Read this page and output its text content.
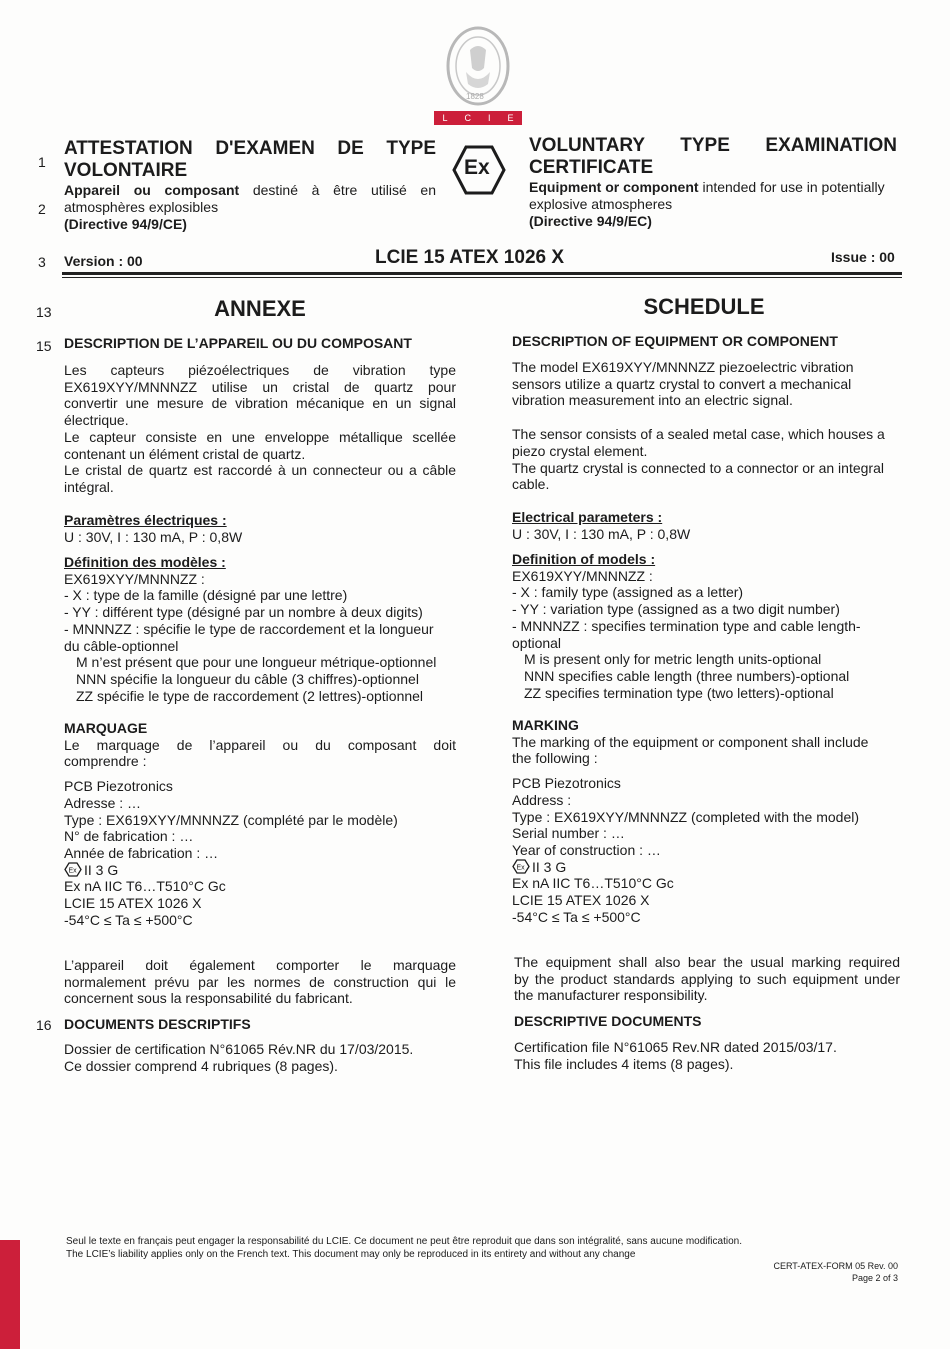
1828
L C I E
1
2
3
13
15
16
ATTESTATION D'EXAMEN DE TYPE
VOLONTAIRE
Appareil ou composant destiné à être utilisé en
atmosphères explosibles
(Directive 94/9/CE)
Ex
VOLUNTARY TYPE EXAMINATION
CERTIFICATE
Equipment or component intended for use in potentially
explosive atmospheres
(Directive 94/9/EC)
Version : 00	LCIE 15 ATEX 1026 X	Issue : 00
ANNEXE	SCHEDULE
DESCRIPTION DE L’APPAREIL OU DU COMPOSANT
Les capteurs piézoélectriques de vibration type
EX619XYY/MNNNZZ utilise un cristal de quartz pour
convertir une mesure de vibration mécanique en un signal
électrique.
Le capteur consiste en une enveloppe métallique scellée
contenant un élément cristal de quartz.
Le cristal de quartz est raccordé à un connecteur ou a câble
intégral.
Paramètres électriques :
U : 30V, I : 130 mA, P : 0,8W
Définition des modèles :
EX619XYY/MNNNZZ :
- X : type de la famille (désigné par une lettre)
- YY : différent type (désigné par un nombre à deux digits)
- MNNNZZ : spécifie le type de raccordement et la longueur
du câble-optionnel
M n’est présent que pour une longueur métrique-optionnel
NNN spécifie la longueur du câble (3 chiffres)-optionnel
ZZ spécifie le type de raccordement (2 lettres)-optionnel
MARQUAGE
Le marquage de l’appareil ou du composant doit
comprendre :
PCB Piezotronics
Adresse : …
Type : EX619XYY/MNNNZZ (complété par le modèle)
N° de fabrication : …
Année de fabrication : …
Ex II 3 G
Ex nA IIC T6…T510°C Gc
LCIE 15 ATEX 1026 X
-54°C ≤ Ta ≤ +500°C
L’appareil doit également comporter le marquage
normalement prévu par les normes de construction qui le
concernent sous la responsabilité du fabricant.
DOCUMENTS DESCRIPTIFS
Dossier de certification N°61065 Rév.NR du 17/03/2015.
Ce dossier comprend 4 rubriques (8 pages).
DESCRIPTION OF EQUIPMENT OR COMPONENT
The model EX619XYY/MNNNZZ piezoelectric vibration
sensors utilize a quartz crystal to convert a mechanical
vibration measurement into an electric signal.
The sensor consists of a sealed metal case, which houses a
piezo crystal element.
The quartz crystal is connected to a connector or an integral
cable.
Electrical parameters :
U : 30V, I : 130 mA, P : 0,8W
Definition of models :
EX619XYY/MNNNZZ :
- X : family type (assigned as a letter)
- YY : variation type (assigned as a two digit number)
- MNNNZZ : specifies termination type and cable length-
optional
M is present only for metric length units-optional
NNN specifies cable length (three numbers)-optional
ZZ specifies termination type (two letters)-optional
MARKING
The marking of the equipment or component shall include
the following :
PCB Piezotronics
Address :
Type : EX619XYY/MNNNZZ (completed with the model)
Serial number : …
Year of construction : …
Ex II 3 G
Ex nA IIC T6…T510°C Gc
LCIE 15 ATEX 1026 X
-54°C ≤ Ta ≤ +500°C
The equipment shall also bear the usual marking required
by the product standards applying to such equipment under
the manufacturer responsibility.
DESCRIPTIVE DOCUMENTS
Certification file N°61065 Rev.NR dated 2015/03/17.
This file includes 4 items (8 pages).
Seul le texte en français peut engager la responsabilité du LCIE. Ce document ne peut être reproduit que dans son intégralité, sans aucune modification.
The LCIE’s liability applies only on the French text. This document may only be reproduced in its entirety and without any change
CERT-ATEX-FORM 05 Rev. 00
Page 2 of 3
